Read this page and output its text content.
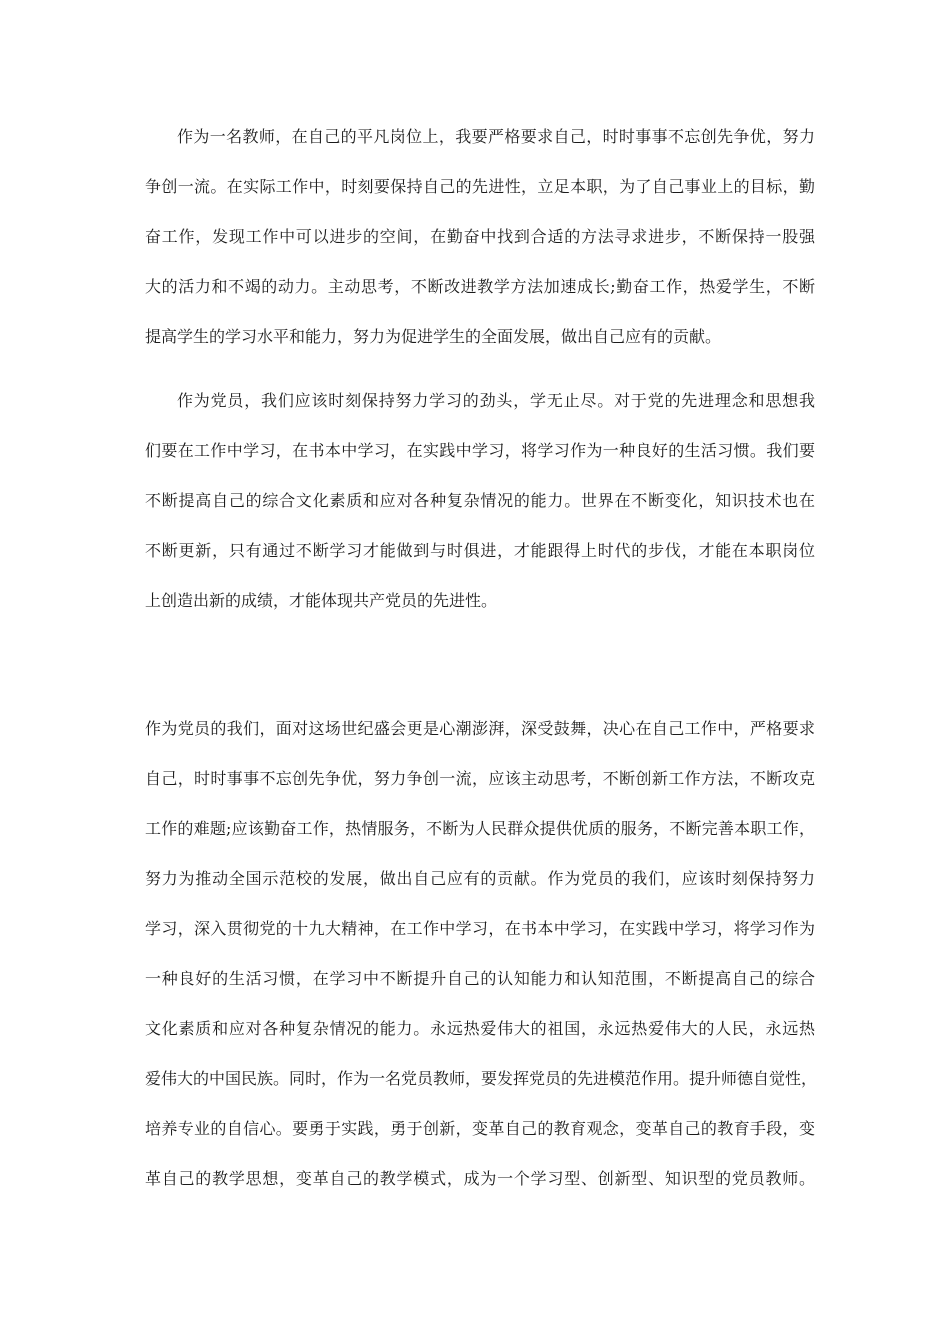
作为一名教师，在自己的平凡岗位上，我要严格要求自己，时时事事不忘创先争优，努力

争创一流。在实际工作中，时刻要保持自己的先进性，立足本职，为了自己事业上的目标，勤

奋工作，发现工作中可以进步的空间，在勤奋中找到合适的方法寻求进步，不断保持一股强

大的活力和不竭的动力。主动思考，不断改进教学方法加速成长;勤奋工作，热爱学生，不断

提高学生的学习水平和能力，努力为促进学生的全面发展，做出自己应有的贡献。

作为党员，我们应该时刻保持努力学习的劲头，学无止尽。对于党的先进理念和思想我

们要在工作中学习，在书本中学习，在实践中学习，将学习作为一种良好的生活习惯。我们要

不断提高自己的综合文化素质和应对各种复杂情况的能力。世界在不断变化，知识技术也在

不断更新，只有通过不断学习才能做到与时俱进，才能跟得上时代的步伐，才能在本职岗位

上创造出新的成绩，才能体现共产党员的先进性。

作为党员的我们，面对这场世纪盛会更是心潮澎湃，深受鼓舞，决心在自己工作中，严格要求

自己，时时事事不忘创先争优，努力争创一流，应该主动思考，不断创新工作方法，不断攻克

工作的难题;应该勤奋工作，热情服务，不断为人民群众提供优质的服务，不断完善本职工作，

努力为推动全国示范校的发展，做出自己应有的贡献。作为党员的我们，应该时刻保持努力

学习，深入贯彻党的十九大精神，在工作中学习，在书本中学习，在实践中学习，将学习作为

一种良好的生活习惯，在学习中不断提升自己的认知能力和认知范围，不断提高自己的综合

文化素质和应对各种复杂情况的能力。永远热爱伟大的祖国，永远热爱伟大的人民，永远热

爱伟大的中国民族。同时，作为一名党员教师，要发挥党员的先进模范作用。提升师德自觉性，

培养专业的自信心。要勇于实践，勇于创新，变革自己的教育观念，变革自己的教育手段，变

革自己的教学思想，变革自己的教学模式，成为一个学习型、创新型、知识型的党员教师。
